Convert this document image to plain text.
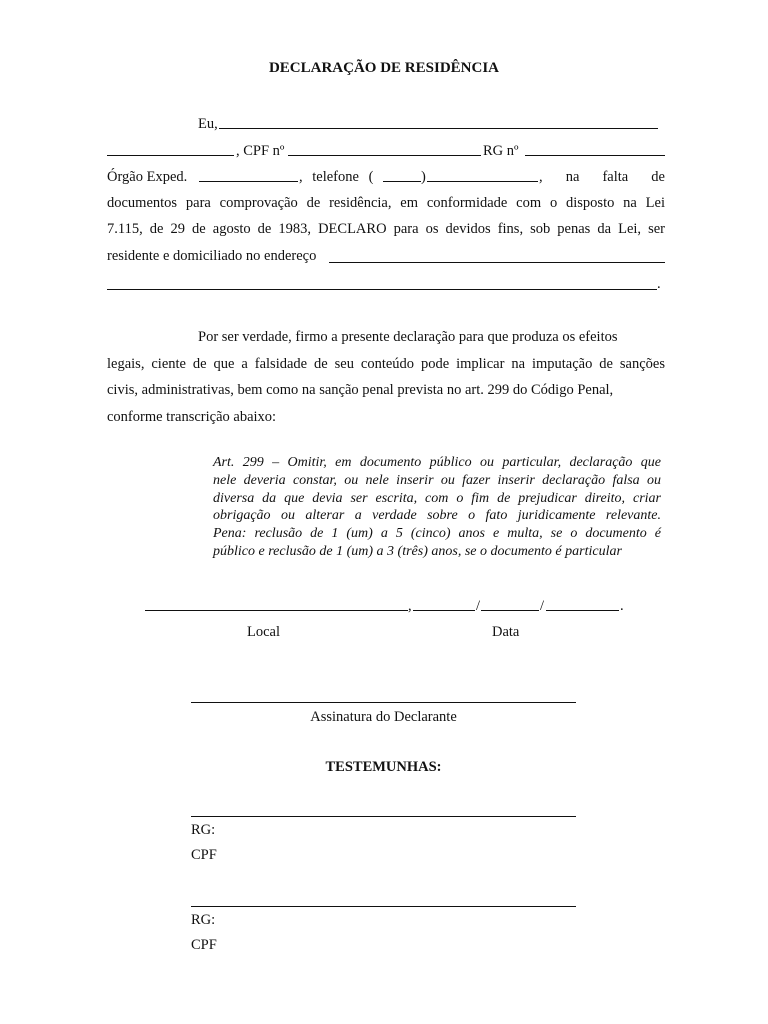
DECLARAÇÃO DE RESIDÊNCIA
Eu,
, CPF nº	RG nº
Órgão Exped.	, telefone (	)	, na falta de
documentos para comprovação de residência, em conformidade com o disposto na Lei
7.115, de 29 de agosto de 1983, DECLARO para os devidos fins, sob penas da Lei, ser
residente e domiciliado no endereço
.
Por ser verdade, firmo a presente declaração para que produza os efeitos
legais, ciente de que a falsidade de seu conteúdo pode implicar na imputação de sanções
civis, administrativas, bem como na sanção penal prevista no art. 299 do Código Penal,
conforme transcrição abaixo:
Art. 299 – Omitir, em documento público ou particular, declaração que
nele deveria constar, ou nele inserir ou fazer inserir declaração falsa ou
diversa da que devia ser escrita, com o fim de prejudicar direito, criar
obrigação ou alterar a verdade sobre o fato juridicamente relevante.
Pena: reclusão de 1 (um) a 5 (cinco) anos e multa, se o documento é
público e reclusão de 1 (um) a 3 (três) anos, se o documento é particular
,	/	/	.
Local	Data
Assinatura do Declarante
TESTEMUNHAS:
RG:
CPF
RG:
CPF
